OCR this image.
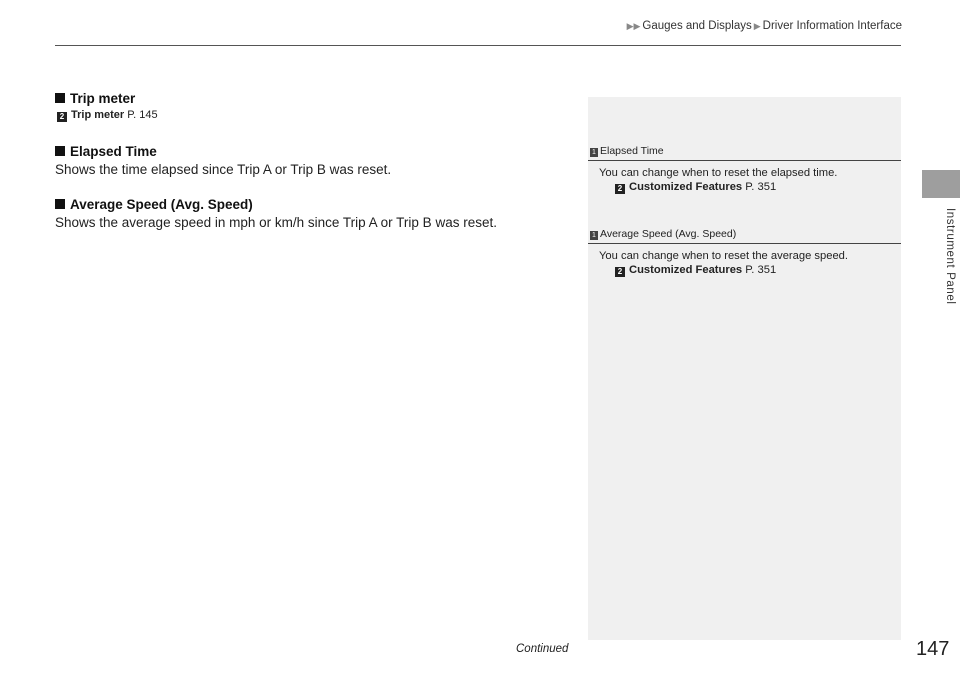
▶▶ Gauges and Displays ▶ Driver Information Interface
Instrument Panel

Trip meter

2 Trip meter P. 145

Elapsed Time

Shows the time elapsed since Trip A or Trip B was reset.

Average Speed (Avg. Speed)

Shows the average speed in mph or km/h since Trip A or Trip B was reset.

1 Elapsed Time

You can change when to reset the elapsed time.

2 Customized Features P. 351

1 Average Speed (Avg. Speed)

You can change when to reset the average speed.

2 Customized Features P. 351

Continued	147
